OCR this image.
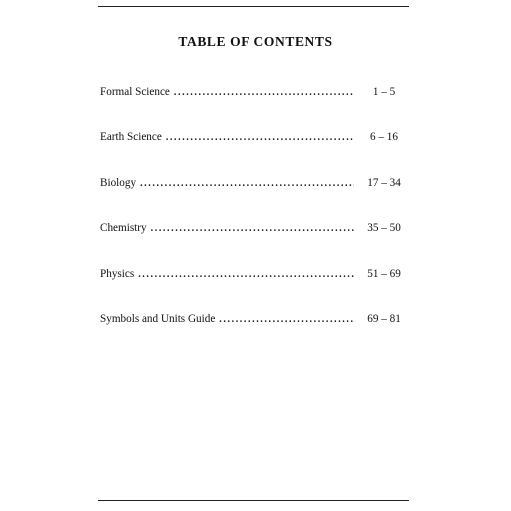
TABLE OF CONTENTS
Formal Science .....	1 – 5
Earth Science .....	6 – 16
Biology .....	17 – 34
Chemistry .....	35 – 50
Physics .....	51 – 69
Symbols and Units Guide .....	69 – 81
